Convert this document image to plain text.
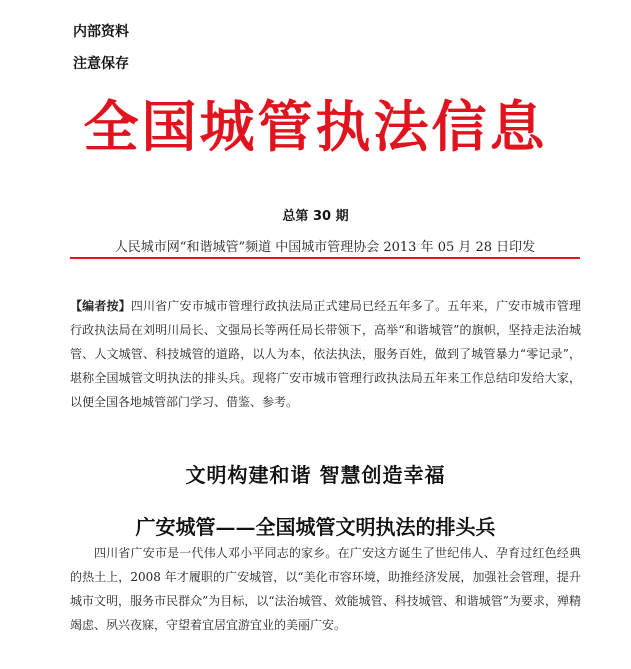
内部资料
注意保存
全国城管执法信息
总第 30 期
人民城市网“和谐城管”频道 中国城市管理协会 2013 年 05 月 28 日印发

【编者按】四川省广安市城市管理行政执法局正式建局已经五年多了。五年来，广安市城市管理行政执法局在刘明川局长、文强局长等两任局长带领下，高举“和谐城管”的旗帜，坚持走法治城管、人文城管、科技城管的道路，以人为本，依法执法，服务百姓，做到了城管暴力“零记录”，堪称全国城管文明执法的排头兵。现将广安市城市管理行政执法局五年来工作总结印发给大家，以便全国各地城管部门学习、借鉴、参考。

文明构建和谐 智慧创造幸福
广安城管——全国城管文明执法的排头兵

四川省广安市是一代伟人邓小平同志的家乡。在广安这方诞生了世纪伟人、孕育过红色经典的热土上，2008 年才履职的广安城管，以“美化市容环境，助推经济发展，加强社会管理，提升城市文明，服务市民群众”为目标，以“法治城管、效能城管、科技城管、和谐城管”为要求，殚精竭虑、夙兴夜寐，守望着宜居宜游宜业的美丽广安。
